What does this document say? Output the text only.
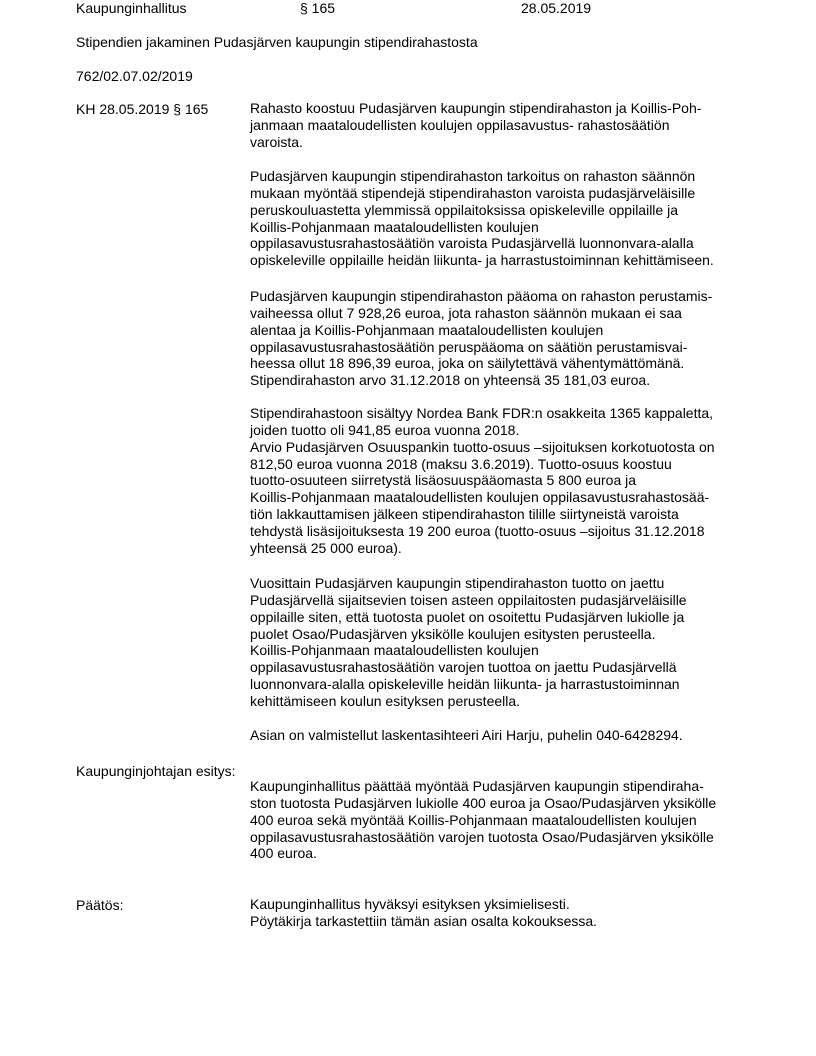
Kaupunginhallitus	§ 165	28.05.2019
Stipendien jakaminen Pudasjärven kaupungin stipendirahastosta
762/02.07.02/2019
KH 28.05.2019 § 165	Rahasto koostuu Pudasjärven kaupungin stipendirahaston ja Koillis-Poh-
janmaan maataloudellisten koulujen oppilasavustus- rahastosäätiön
varoista.
Pudasjärven kaupungin stipendirahaston tarkoitus on rahaston säännön
mukaan myöntää stipendejä stipendirahaston varoista pudasjärveläisille
peruskouluastetta ylemmissä oppilaitoksissa opiskeleville oppilaille ja
Koillis-Pohjanmaan maataloudellisten koulujen
oppilasavustusrahastosäätiön varoista Pudasjärvellä luonnonvara-alalla
opiskeleville oppilaille heidän liikunta- ja harrastustoiminnan kehittämiseen.
Pudasjärven kaupungin stipendirahaston pääoma on rahaston perustamis-
vaiheessa ollut 7 928,26 euroa, jota rahaston säännön mukaan ei saa
alentaa ja Koillis-Pohjanmaan maataloudellisten koulujen
oppilasavustusrahastosäätiön peruspääoma on säätiön perustamisvai-
heessa ollut 18 896,39 euroa, joka on säilytettävä vähentymättömänä.
Stipendirahaston arvo 31.12.2018 on yhteensä 35 181,03 euroa.
Stipendirahastoon sisältyy Nordea Bank FDR:n osakkeita 1365 kappaletta,
joiden tuotto oli 941,85 euroa vuonna 2018.
Arvio Pudasjärven Osuuspankin tuotto-osuus –sijoituksen korkotuotosta on
812,50 euroa vuonna 2018 (maksu 3.6.2019). Tuotto-osuus koostuu
tuotto-osuuteen siirretystä lisäosuuspääomasta 5 800 euroa ja
Koillis-Pohjanmaan maataloudellisten koulujen oppilasavustusrahastosää-
tiön lakkauttamisen jälkeen stipendirahaston tilille siirtyneistä varoista
tehdystä lisäsijoituksesta 19 200 euroa (tuotto-osuus –sijoitus 31.12.2018
yhteensä 25 000 euroa).
Vuosittain Pudasjärven kaupungin stipendirahaston tuotto on jaettu
Pudasjärvellä sijaitsevien toisen asteen oppilaitosten pudasjärveläisille
oppilaille siten, että tuotosta puolet on osoitettu Pudasjärven lukiolle ja
puolet Osao/Pudasjärven yksikölle koulujen esitysten perusteella.
Koillis-Pohjanmaan maataloudellisten koulujen
oppilasavustusrahastosäätiön varojen tuottoa on jaettu Pudasjärvellä
luonnonvara-alalla opiskeleville heidän liikunta- ja harrastustoiminnan
kehittämiseen koulun esityksen perusteella.
Asian on valmistellut laskentasihteeri Airi Harju, puhelin 040-6428294.
Kaupunginjohtajan esitys:
Kaupunginhallitus päättää myöntää Pudasjärven kaupungin stipendiraha-
ston tuotosta Pudasjärven lukiolle 400 euroa ja Osao/Pudasjärven yksikölle
400 euroa sekä myöntää Koillis-Pohjanmaan maataloudellisten koulujen
oppilasavustusrahastosäätiön varojen tuotosta Osao/Pudasjärven yksikölle
400 euroa.
Päätös:	Kaupunginhallitus hyväksyi esityksen yksimielisesti.
Pöytäkirja tarkastettiin tämän asian osalta kokouksessa.
